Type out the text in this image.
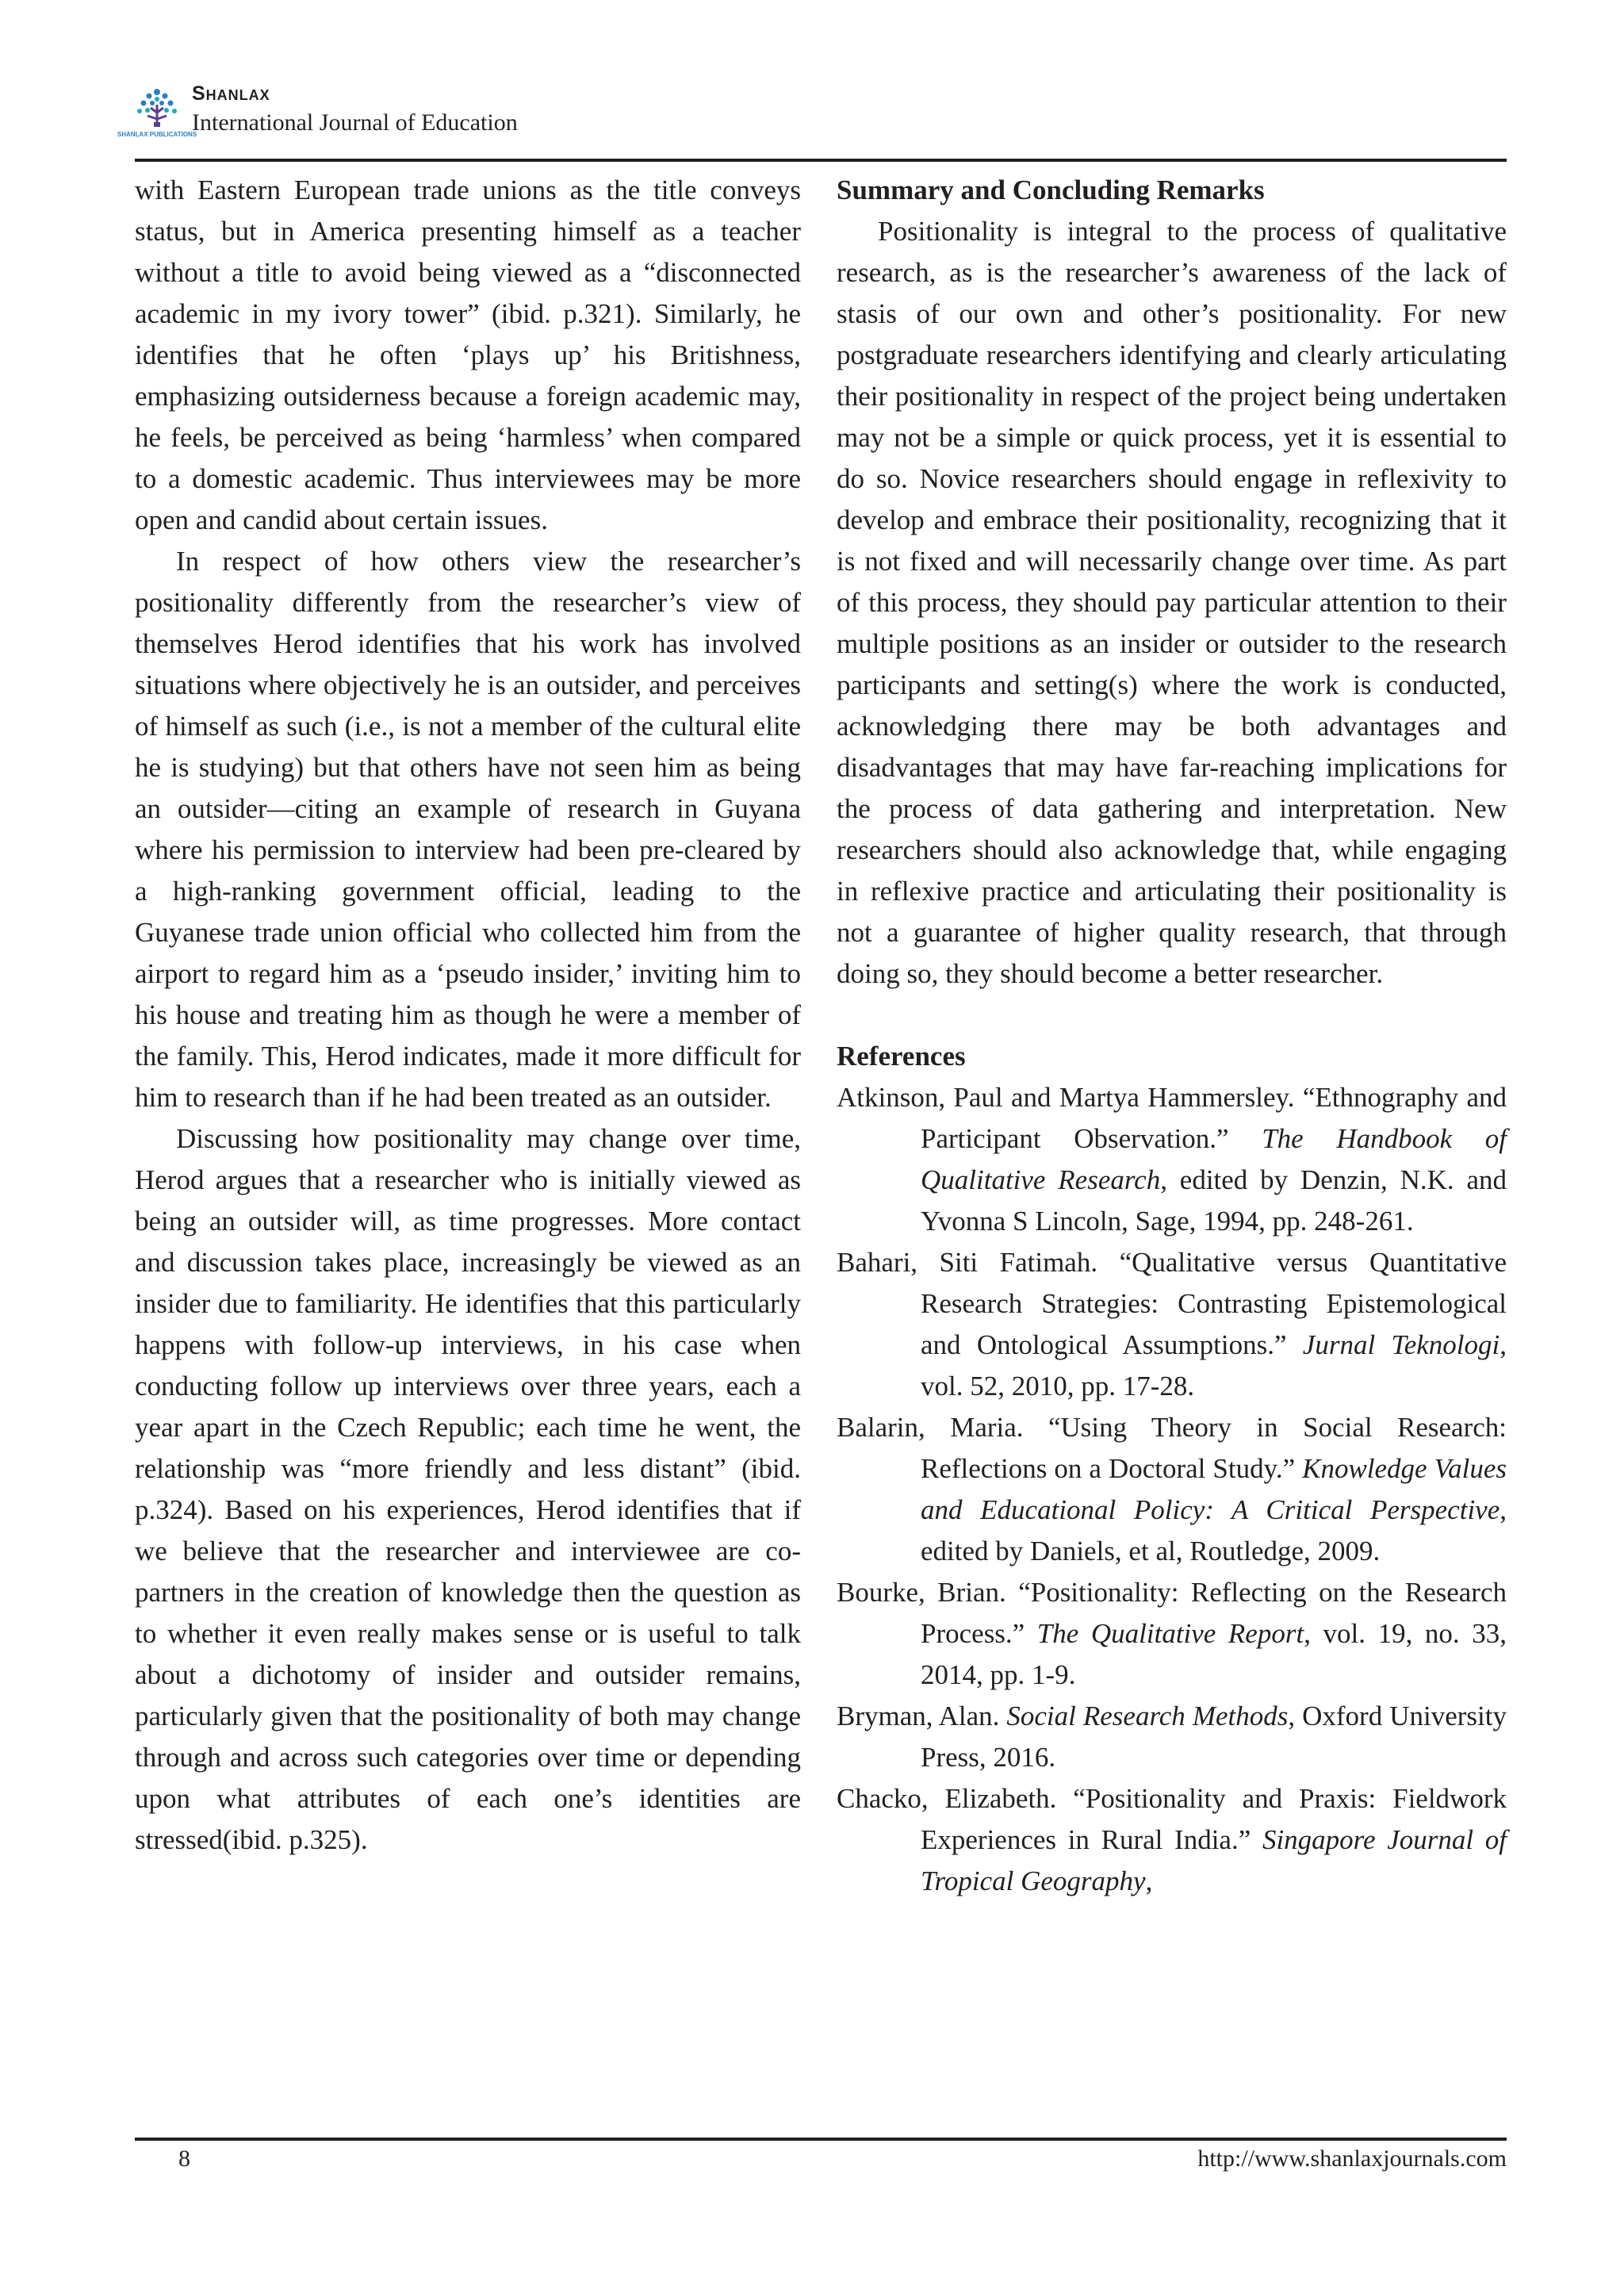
SHANLAX PUBLICATIONS
Shanlax
International Journal of Education

with Eastern European trade unions as the title conveys status, but in America presenting himself as a teacher without a title to avoid being viewed as a “disconnected academic in my ivory tower” (ibid. p.321). Similarly, he identifies that he often ‘plays up’ his Britishness, emphasizing outsiderness because a foreign academic may, he feels, be perceived as being ‘harmless’ when compared to a domestic academic. Thus interviewees may be more open and candid about certain issues.

In respect of how others view the researcher’s positionality differently from the researcher’s view of themselves Herod identifies that his work has involved situations where objectively he is an outsider, and perceives of himself as such (i.e., is not a member of the cultural elite he is studying) but that others have not seen him as being an outsider—citing an example of research in Guyana where his permission to interview had been pre-cleared by a high-ranking government official, leading to the Guyanese trade union official who collected him from the airport to regard him as a ‘pseudo insider,’ inviting him to his house and treating him as though he were a member of the family. This, Herod indicates, made it more difficult for him to research than if he had been treated as an outsider.

Discussing how positionality may change over time, Herod argues that a researcher who is initially viewed as being an outsider will, as time progresses. More contact and discussion takes place, increasingly be viewed as an insider due to familiarity. He identifies that this particularly happens with follow-up interviews, in his case when conducting follow up interviews over three years, each a year apart in the Czech Republic; each time he went, the relationship was “more friendly and less distant” (ibid. p.324). Based on his experiences, Herod identifies that if we believe that the researcher and interviewee are co-partners in the creation of knowledge then the question as to whether it even really makes sense or is useful to talk about a dichotomy of insider and outsider remains, particularly given that the positionality of both may change through and across such categories over time or depending upon what attributes of each one’s identities are stressed(ibid. p.325).

Summary and Concluding Remarks

Positionality is integral to the process of qualitative research, as is the researcher’s awareness of the lack of stasis of our own and other’s positionality. For new postgraduate researchers identifying and clearly articulating their positionality in respect of the project being undertaken may not be a simple or quick process, yet it is essential to do so. Novice researchers should engage in reflexivity to develop and embrace their positionality, recognizing that it is not fixed and will necessarily change over time. As part of this process, they should pay particular attention to their multiple positions as an insider or outsider to the research participants and setting(s) where the work is conducted, acknowledging there may be both advantages and disadvantages that may have far-reaching implications for the process of data gathering and interpretation. New researchers should also acknowledge that, while engaging in reflexive practice and articulating their positionality is not a guarantee of higher quality research, that through doing so, they should become a better researcher.

References

Atkinson, Paul and Martya Hammersley. “Ethnography and Participant Observation.” The Handbook of Qualitative Research, edited by Denzin, N.K. and Yvonna S Lincoln, Sage, 1994, pp. 248-261.

Bahari, Siti Fatimah. “Qualitative versus Quantitative Research Strategies: Contrasting Epistemological and Ontological Assumptions.” Jurnal Teknologi, vol. 52, 2010, pp. 17-28.

Balarin, Maria. “Using Theory in Social Research: Reflections on a Doctoral Study.” Knowledge Values and Educational Policy: A Critical Perspective, edited by Daniels, et al, Routledge, 2009.

Bourke, Brian. “Positionality: Reflecting on the Research Process.” The Qualitative Report, vol. 19, no. 33, 2014, pp. 1-9.

Bryman, Alan. Social Research Methods, Oxford University Press, 2016.

Chacko, Elizabeth. “Positionality and Praxis: Fieldwork Experiences in Rural India.” Singapore Journal of Tropical Geography,

8	http://www.shanlaxjournals.com
